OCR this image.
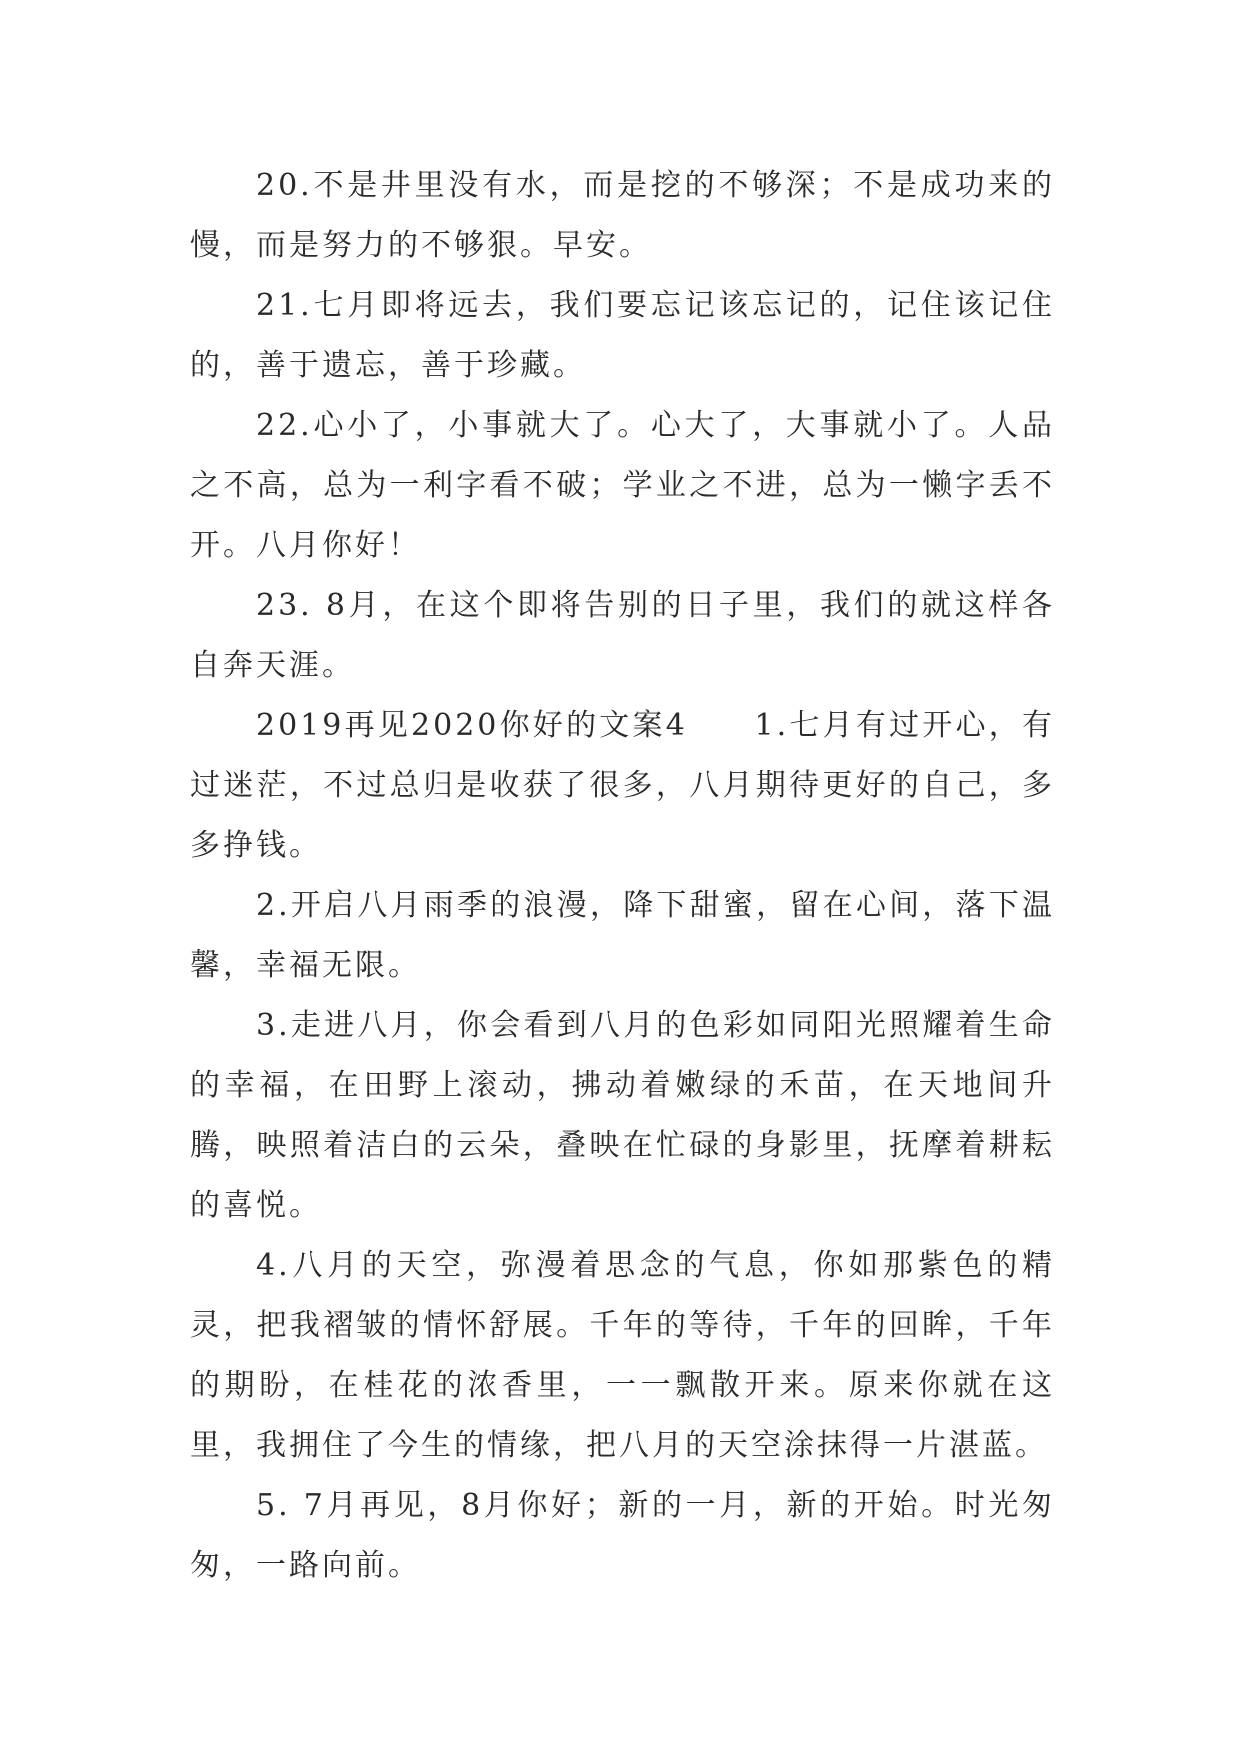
20.不是井里没有水，而是挖的不够深；不是成功来的慢，而是努力的不够狠。早安。

21.七月即将远去，我们要忘记该忘记的，记住该记住的，善于遗忘，善于珍藏。

22.心小了，小事就大了。心大了，大事就小了。人品之不高，总为一利字看不破；学业之不进，总为一懒字丢不开。八月你好！

23. 8月，在这个即将告别的日子里，我们的就这样各自奔天涯。

2019再见2020你好的文案4　　1.七月有过开心，有过迷茫，不过总归是收获了很多，八月期待更好的自己，多多挣钱。

2.开启八月雨季的浪漫，降下甜蜜，留在心间，落下温馨，幸福无限。

3.走进八月，你会看到八月的色彩如同阳光照耀着生命的幸福，在田野上滚动，拂动着嫩绿的禾苗，在天地间升腾，映照着洁白的云朵，叠映在忙碌的身影里，抚摩着耕耘的喜悦。

4.八月的天空，弥漫着思念的气息，你如那紫色的精灵，把我褶皱的情怀舒展。千年的等待，千年的回眸，千年的期盼，在桂花的浓香里，一一飘散开来。原来你就在这里，我拥住了今生的情缘，把八月的天空涂抹得一片湛蓝。

5. 7月再见，8月你好；新的一月，新的开始。时光匆匆，一路向前。
